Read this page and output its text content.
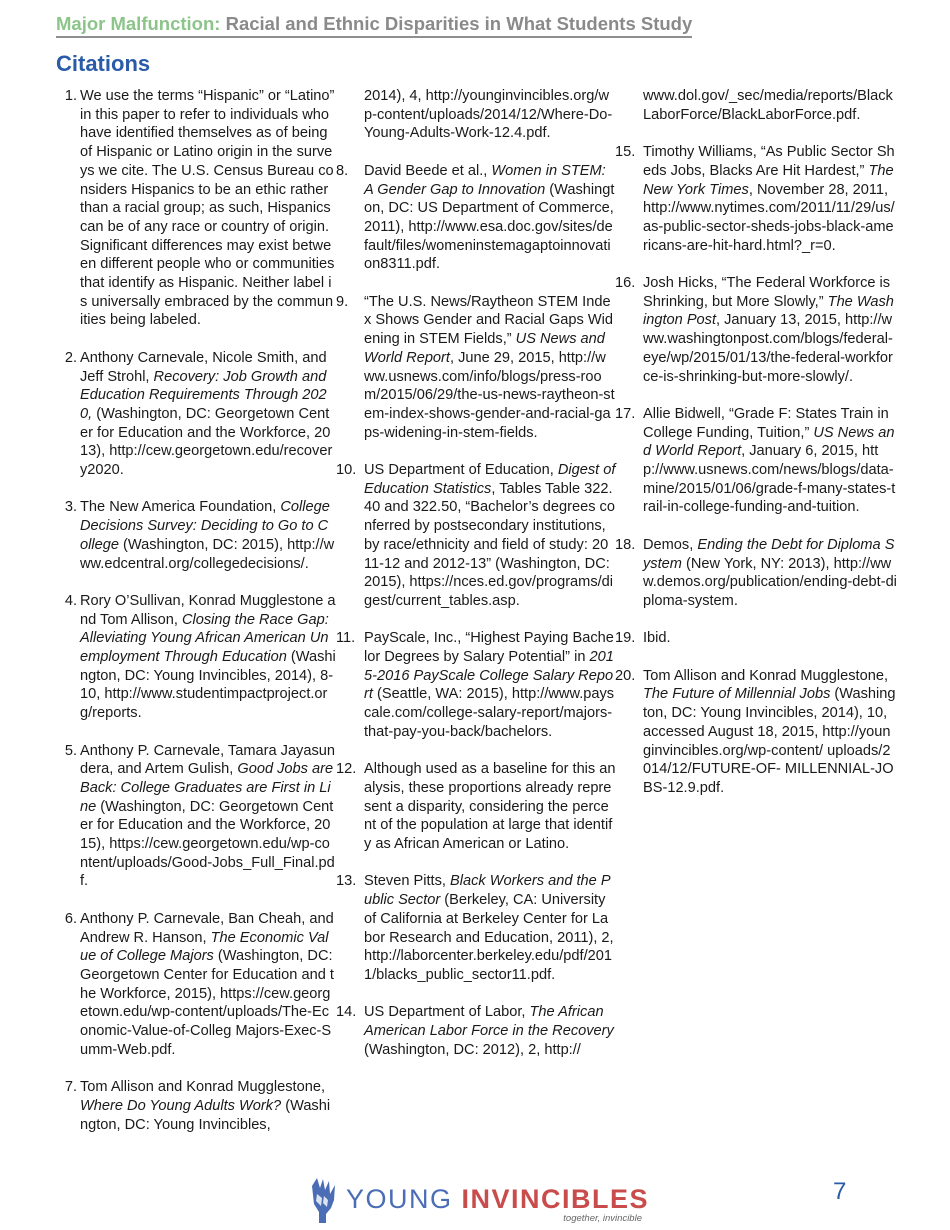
Major Malfunction: Racial and Ethnic Disparities in What Students Study
Citations
1. We use the terms “Hispanic” or “Latino” in this paper to refer to individuals who have identified themselves as of being of Hispanic or Latino origin in the surveys we cite. The U.S. Census Bureau considers Hispanics to be an ethic rather than a racial group; as such, Hispanics can be of any race or country of origin. Significant differences may exist between different people who or communities that identify as Hispanic. Neither label is universally embraced by the communities being labeled.
2. Anthony Carnevale, Nicole Smith, and Jeff Strohl, Recovery: Job Growth and Education Requirements Through 2020, (Washington, DC: Georgetown Center for Education and the Workforce, 2013), http://cew.georgetown.edu/recovery2020.
3. The New America Foundation, College Decisions Survey: Deciding to Go to College (Washington, DC: 2015), http://www.edcentral.org/collegedecisions/.
4. Rory O’Sullivan, Konrad Mugglestone and Tom Allison, Closing the Race Gap: Alleviating Young African American Unemployment Through Education (Washington, DC: Young Invincibles, 2014), 8-10, http://www.studentimpactproject.org/reports.
5. Anthony P. Carnevale, Tamara Jayasundera, and Artem Gulish, Good Jobs are Back: College Graduates are First in Line (Washington, DC: Georgetown Center for Education and the Workforce, 2015), https://cew.georgetown.edu/wp-content/uploads/Good-Jobs_Full_Final.pdf.
6. Anthony P. Carnevale, Ban Cheah, and Andrew R. Hanson, The Economic Value of College Majors (Washington, DC: Georgetown Center for Education and the Workforce, 2015), https://cew.georgetown.edu/wp-content/uploads/The-Economic-Value-of-Colleg Majors-Exec-Summ-Web.pdf.
7. Tom Allison and Konrad Mugglestone, Where Do Young Adults Work? (Washington, DC: Young Invincibles,
2014), 4, http://younginvincibles.org/wp-content/uploads/2014/12/Where-Do-Young-Adults-Work-12.4.pdf.
8.	David Beede et al., Women in STEM: A Gender Gap to Innovation (Washington, DC: US Department of Commerce, 2011), http://www.esa.doc.gov/sites/default/files/womeninstemagaptoinnovation8311.pdf.
9.	“The U.S. News/Raytheon STEM Index Shows Gender and Racial Gaps Widening in STEM Fields,” US News and World Report, June 29, 2015, http://www.usnews.com/info/blogs/press-room/2015/06/29/the-us-news-raytheon-stem-index-shows-gender-and-racial-gaps-widening-in-stem-fields.
10. US Department of Education, Digest of Education Statistics, Tables Table 322.40 and 322.50, “Bachelor’s degrees conferred by postsecondary institutions, by race/ethnicity and field of study: 2011-12 and 2012-13” (Washington, DC: 2015), https://nces.ed.gov/programs/digest/current_tables.asp.
11. PayScale, Inc., “Highest Paying Bachelor Degrees by Salary Potential” in 2015-2016 PayScale College Salary Report (Seattle, WA: 2015), http://www.payscale.com/college-salary-report/majors-that-pay-you-back/bachelors.
12. Although used as a baseline for this analysis, these proportions already represent a disparity, considering the percent of the population at large that identify as African American or Latino.
13. Steven Pitts, Black Workers and the Public Sector (Berkeley, CA: University of California at Berkeley Center for Labor Research and Education, 2011), 2, http://laborcenter.berkeley.edu/pdf/2011/blacks_public_sector11.pdf.
14. US Department of Labor, The African American Labor Force in the Recovery (Washington, DC: 2012), 2, http://
www.dol.gov/_sec/media/reports/BlackLaborForce/BlackLaborForce.pdf.
15. Timothy Williams, “As Public Sector Sheds Jobs, Blacks Are Hit Hardest,” The New York Times, November 28, 2011, http://www.nytimes.com/2011/11/29/us/as-public-sector-sheds-jobs-black-americans-are-hit-hard.html?_r=0.
16. Josh Hicks, “The Federal Workforce is Shrinking, but More Slowly,” The Washington Post, January 13, 2015, http://www.washingtonpost.com/blogs/federal-eye/wp/2015/01/13/the-federal-workforce-is-shrinking-but-more-slowly/.
17. Allie Bidwell, “Grade F: States Train in College Funding, Tuition,” US News and World Report, January 6, 2015, http://www.usnews.com/news/blogs/data-mine/2015/01/06/grade-f-many-states-trail-in-college-funding-and-tuition.
18. Demos, Ending the Debt for Diploma System (New York, NY: 2013), http://www.demos.org/publication/ending-debt-diploma-system.
19. Ibid.
20. Tom Allison and Konrad Mugglestone, The Future of Millennial Jobs (Washington, DC: Young Invincibles, 2014), 10, accessed August 18, 2015, http://younginvincibles.org/wp-content/ uploads/2014/12/FUTURE-OF- MILLENNIAL-JOBS-12.9.pdf.
YOUNG INVINCIBLES
together, invincible
7
